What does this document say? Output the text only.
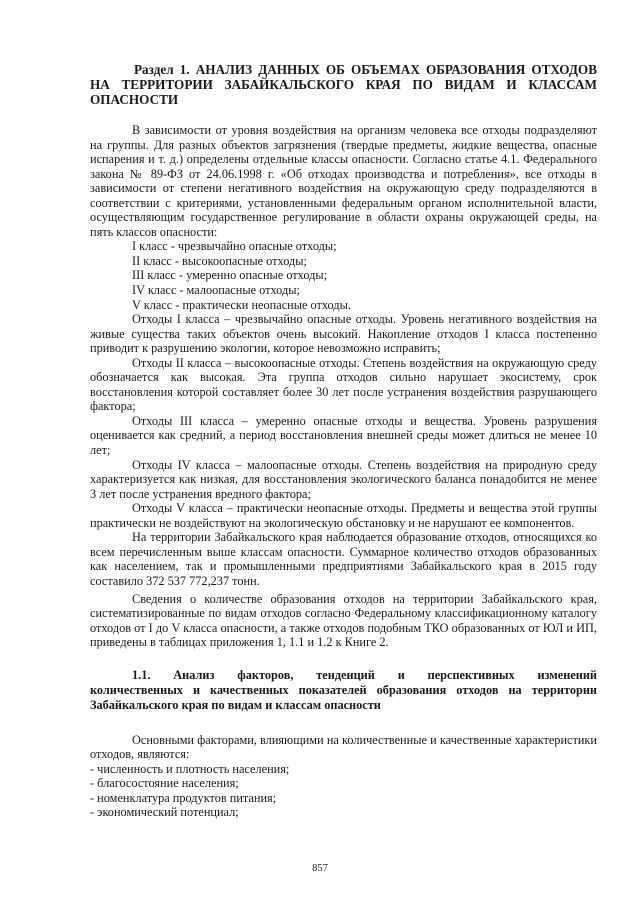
Раздел 1. АНАЛИЗ ДАННЫХ ОБ ОБЪЕМАХ ОБРАЗОВАНИЯ ОТХОДОВ НА ТЕРРИТОРИИ ЗАБАЙКАЛЬСКОГО КРАЯ ПО ВИДАМ И КЛАССАМ ОПАСНОСТИ

В зависимости от уровня воздействия на организм человека все отходы подразделяют на группы. Для разных объектов загрязнения (твердые предметы, жидкие вещества, опасные испарения и т. д.) определены отдельные классы опасности. Согласно статье 4.1. Федерального закона № 89-ФЗ от 24.06.1998 г. «Об отходах производства и потребления», все отходы в зависимости от степени негативного воздействия на окружающую среду подразделяются в соответствии с критериями, установленными федеральным органом исполнительной власти, осуществляющим государственное регулирование в области охраны окружающей среды, на пять классов опасности:

I класс - чрезвычайно опасные отходы;

II класс - высокоопасные отходы;

III класс - умеренно опасные отходы;

IV класс - малоопасные отходы;

V класс - практически неопасные отходы.

Отходы I класса – чрезвычайно опасные отходы. Уровень негативного воздействия на живые существа таких объектов очень высокий. Накопление отходов I класса постепенно приводит к разрушению экологии, которое невозможно исправить;

Отходы II класса – высокоопасные отходы. Степень воздействия на окружающую среду обозначается как высокая. Эта группа отходов сильно нарушает экосистему, срок восстановления которой составляет более 30 лет после устранения воздействия разрушающего фактора;

Отходы III класса – умеренно опасные отходы и вещества. Уровень разрушения оценивается как средний, а период восстановления внешней среды может длиться не менее 10 лет;

Отходы IV класса – малоопасные отходы. Степень воздействия на природную среду характеризуется как низкая, для восстановления экологического баланса понадобится не менее 3 лет после устранения вредного фактора;

Отходы V класса – практически неопасные отходы. Предметы и вещества этой группы практически не воздействуют на экологическую обстановку и не нарушают ее компонентов.

На территории Забайкальского края наблюдается образование отходов, относящихся ко всем перечисленным выше классам опасности. Суммарное количество отходов образованных как населением, так и промышленными предприятиями Забайкальского края в 2015 году составило 372 537 772,237 тонн.

Сведения о количестве образования отходов на территории Забайкальского края, систематизированные по видам отходов согласно Федеральному классификационному каталогу отходов от I до V класса опасности, а также отходов подобным ТКО образованных от ЮЛ и ИП, приведены в таблицах приложения 1, 1.1 и 1.2 к Книге 2.

1.1. Анализ факторов, тенденций и перспективных изменений
количественных и качественных показателей образования отходов на территории Забайкальского края по видам и классам опасности

Основными факторами, влияющими на количественные и качественные характеристики отходов, являются:

- численность и плотность населения;

- благосостояние населения;

- номенклатура продуктов питания;

- экономический потенциал;

857
